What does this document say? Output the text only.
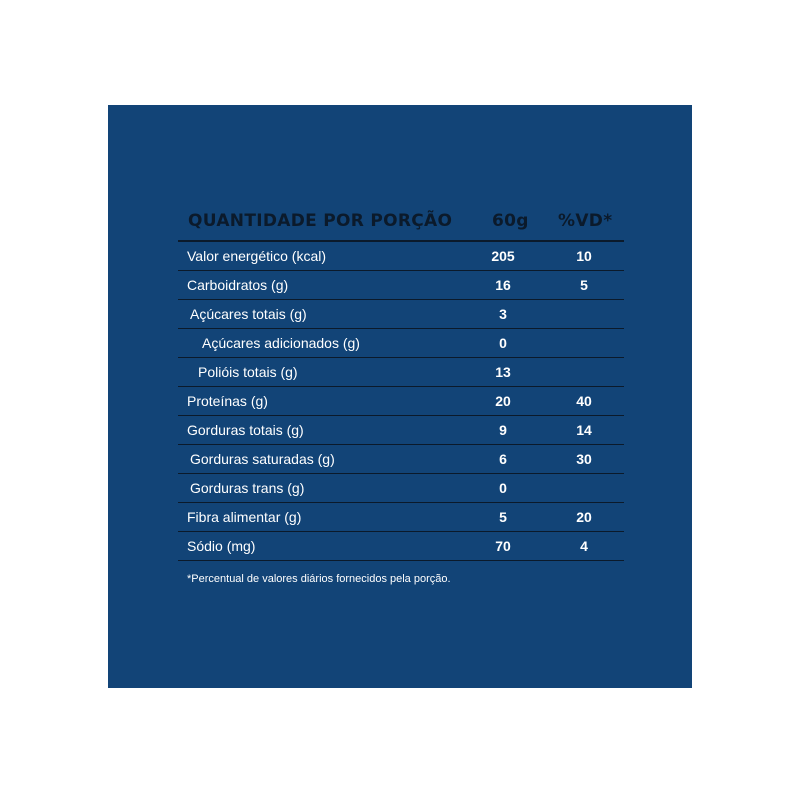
QUANTIDADE POR PORÇÃO 60g %VD*
Valor energético (kcal)	205	10
Carboidratos (g)	16	5
Açúcares totais (g)	3
Açúcares adicionados (g)	0
Polióis totais (g)	13
Proteínas (g)	20	40
Gorduras totais (g)	9	14
Gorduras saturadas (g)	6	30
Gorduras trans (g)	0
Fibra alimentar (g)	5	20
Sódio (mg)	70	4
*Percentual de valores diários fornecidos pela porção.
